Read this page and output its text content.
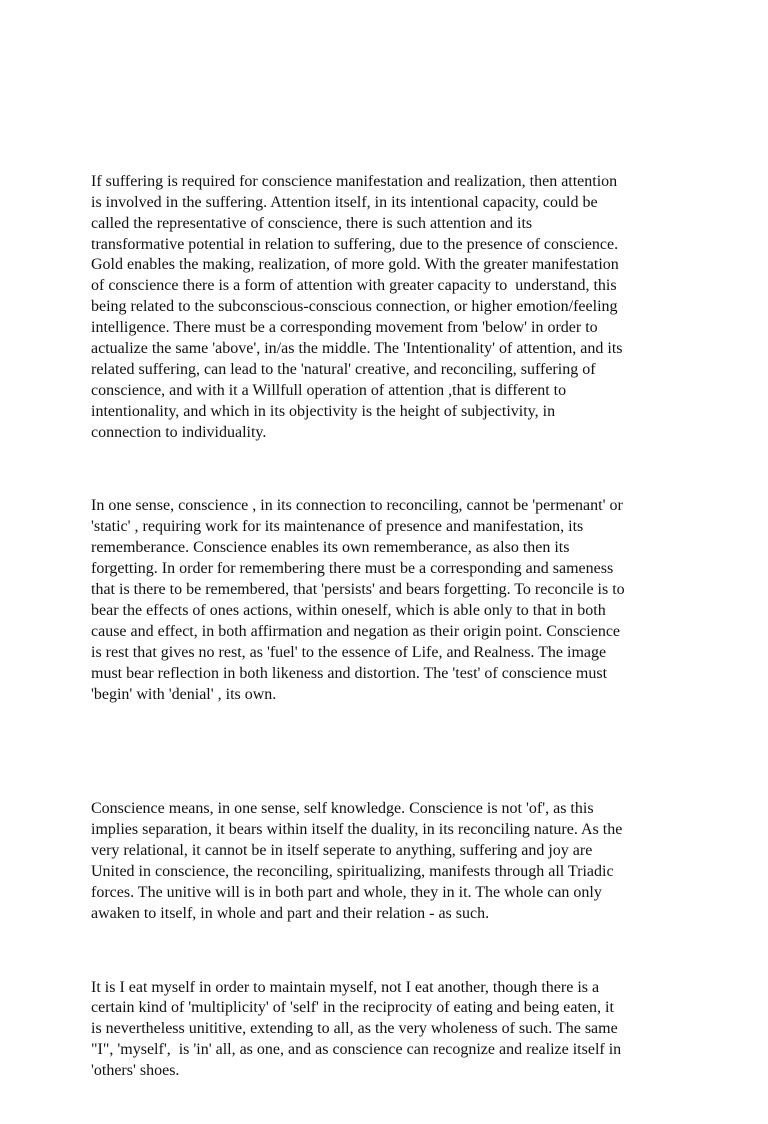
If suffering is required for conscience manifestation and realization, then attention
is involved in the suffering. Attention itself, in its intentional capacity, could be
called the representative of conscience, there is such attention and its
transformative potential in relation to suffering, due to the presence of conscience.
Gold enables the making, realization, of more gold. With the greater manifestation
of conscience there is a form of attention with greater capacity to  understand, this
being related to the subconscious-conscious connection, or higher emotion/feeling
intelligence. There must be a corresponding movement from 'below' in order to
actualize the same 'above', in/as the middle. The 'Intentionality' of attention, and its
related suffering, can lead to the 'natural' creative, and reconciling, suffering of
conscience, and with it a Willfull operation of attention ,that is different to
intentionality, and which in its objectivity is the height of subjectivity, in
connection to individuality.

In one sense, conscience , in its connection to reconciling, cannot be 'permenant' or
'static' , requiring work for its maintenance of presence and manifestation, its
rememberance. Conscience enables its own rememberance, as also then its
forgetting. In order for remembering there must be a corresponding and sameness
that is there to be remembered, that 'persists' and bears forgetting. To reconcile is to
bear the effects of ones actions, within oneself, which is able only to that in both
cause and effect, in both affirmation and negation as their origin point. Conscience
is rest that gives no rest, as 'fuel' to the essence of Life, and Realness. The image
must bear reflection in both likeness and distortion. The 'test' of conscience must
'begin' with 'denial' , its own.

Conscience means, in one sense, self knowledge. Conscience is not 'of', as this
implies separation, it bears within itself the duality, in its reconciling nature. As the
very relational, it cannot be in itself seperate to anything, suffering and joy are
United in conscience, the reconciling, spiritualizing, manifests through all Triadic
forces. The unitive will is in both part and whole, they in it. The whole can only
awaken to itself, in whole and part and their relation - as such.

It is I eat myself in order to maintain myself, not I eat another, though there is a
certain kind of 'multiplicity' of 'self' in the reciprocity of eating and being eaten, it
is nevertheless unititive, extending to all, as the very wholeness of such. The same
"I", 'myself',  is 'in' all, as one, and as conscience can recognize and realize itself in
'others' shoes.
